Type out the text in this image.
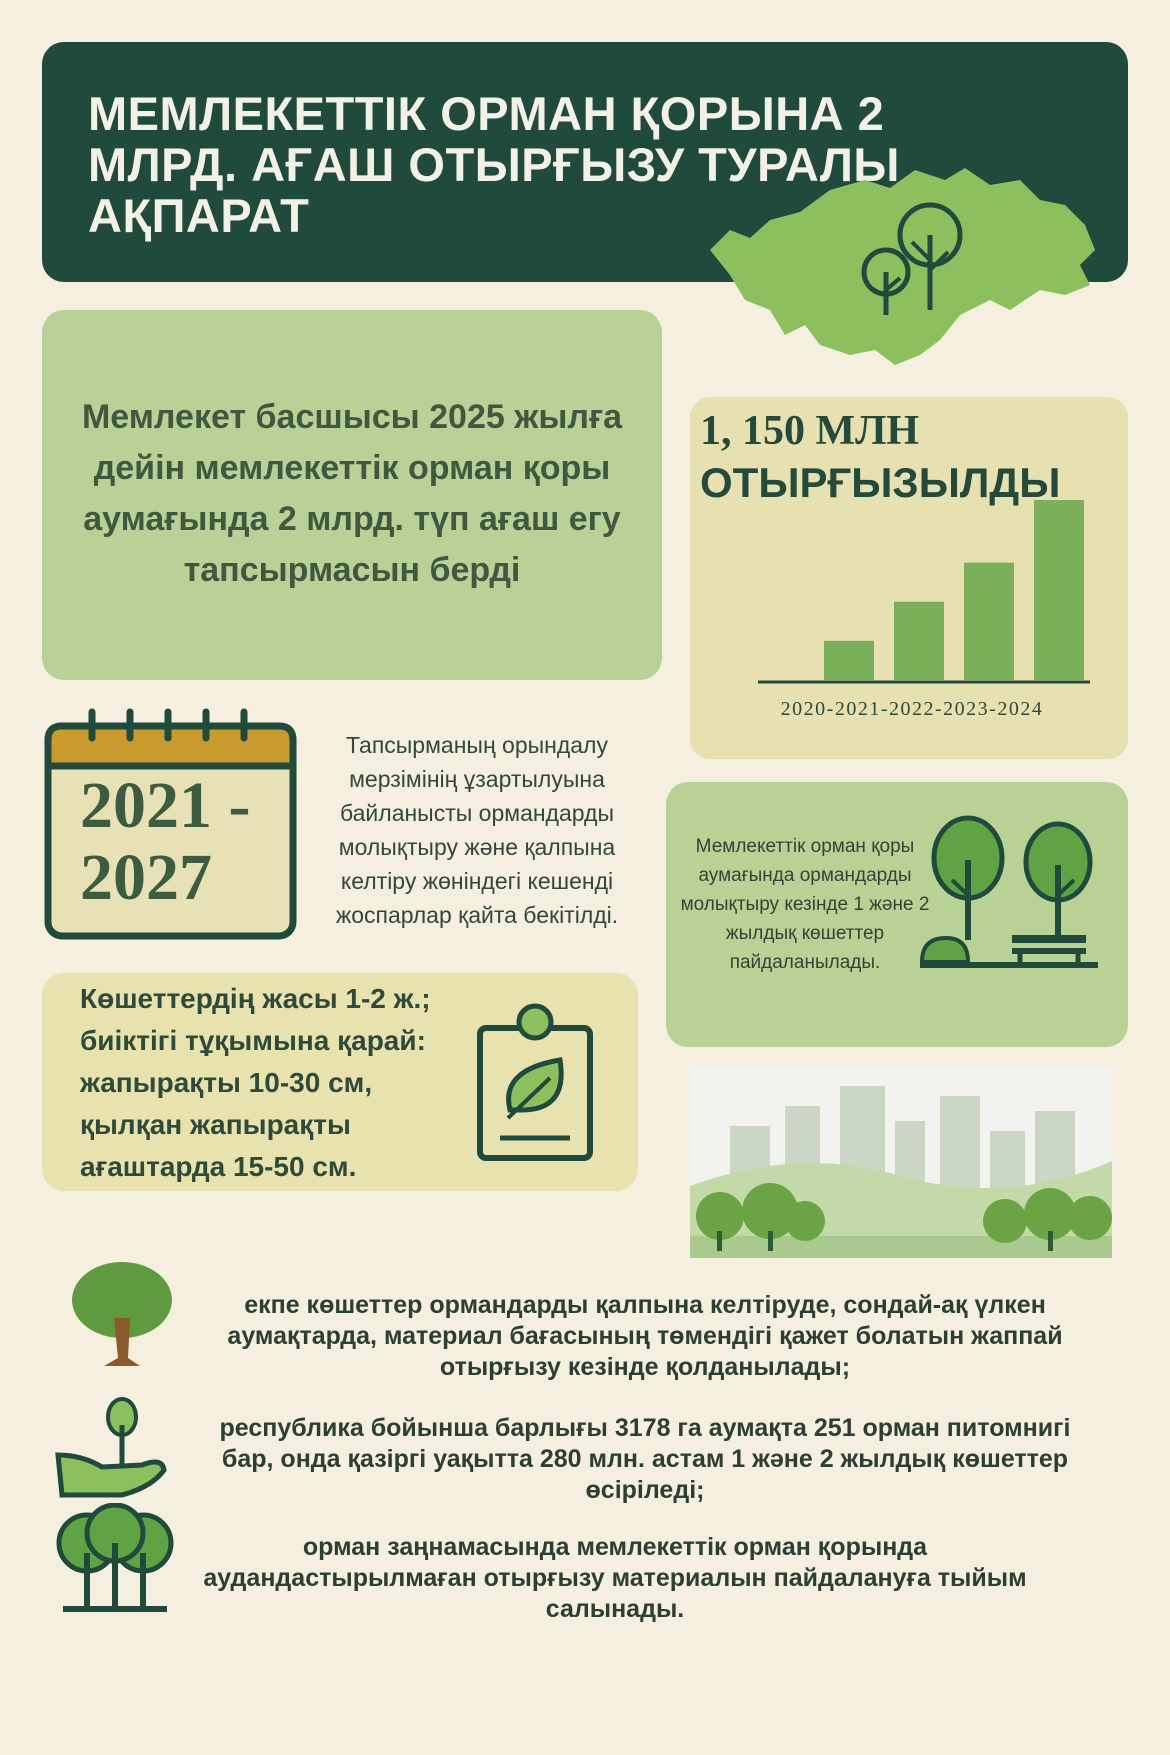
МЕМЛЕКЕТТІК ОРМАН ҚОРЫНА 2 МЛРД. АҒАШ ОТЫРҒЫЗУ ТУРАЛЫ АҚПАРАТ
Мемлекет басшысы 2025 жылға дейін мемлекеттік орман қоры аумағында 2 млрд. түп ағаш егу тапсырмасын берді
2020-2021-2022-2023-2024
1, 150 МЛН
ОТЫРҒЫЗЫЛДЫ
2021 -
2027
Тапсырманың орындалу мерзімінің ұзартылуына байланысты ормандарды молықтыру және қалпына келтіру жөніндегі кешенді жоспарлар қайта бекітілді.
Мемлекеттік орман қоры аумағында ормандарды молықтыру кезінде 1 және 2 жылдық көшеттер пайдаланылады.
Көшеттердің жасы 1-2 ж.;
биіктігі тұқымына қарай:
жапырақты 10-30 см,
қылқан жапырақты
ағаштарда 15-50 см.
екпе көшеттер ормандарды қалпына келтіруде, сондай-ақ үлкен аумақтарда, материал бағасының төмендігі қажет болатын жаппай отырғызу кезінде қолданылады;
республика бойынша барлығы 3178 га аумақта 251 орман питомнигі бар, онда қазіргі уақытта 280 млн. астам 1 және 2 жылдық көшеттер өсіріледі;
орман заңнамасында мемлекеттік орман қорында аудандастырылмаған отырғызу материалын пайдалануға тыйым салынады.
